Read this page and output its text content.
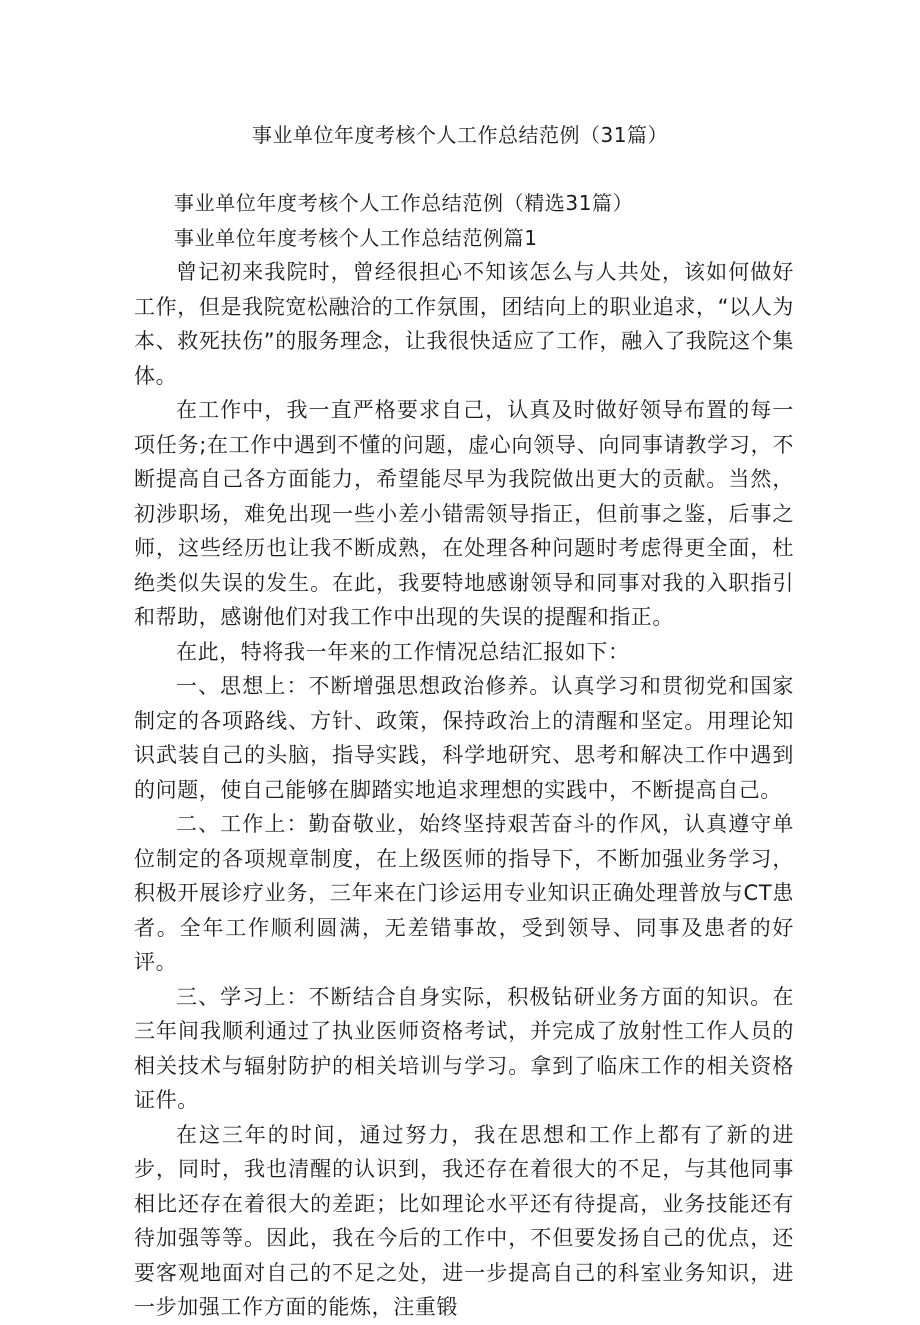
事业单位年度考核个人工作总结范例（31篇）

事业单位年度考核个人工作总结范例（精选31篇）

事业单位年度考核个人工作总结范例篇1

曾记初来我院时，曾经很担心不知该怎么与人共处，该如何做好工作，但是我院宽松融洽的工作氛围，团结向上的职业追求，“以人为本、救死扶伤”的服务理念，让我很快适应了工作，融入了我院这个集体。

在工作中，我一直严格要求自己，认真及时做好领导布置的每一项任务;在工作中遇到不懂的问题，虚心向领导、向同事请教学习，不断提高自己各方面能力，希望能尽早为我院做出更大的贡献。当然，初涉职场，难免出现一些小差小错需领导指正，但前事之鉴，后事之师，这些经历也让我不断成熟，在处理各种问题时考虑得更全面，杜绝类似失误的发生。在此，我要特地感谢领导和同事对我的入职指引和帮助，感谢他们对我工作中出现的失误的提醒和指正。

在此，特将我一年来的工作情况总结汇报如下：

一、思想上：不断增强思想政治修养。认真学习和贯彻党和国家制定的各项路线、方针、政策，保持政治上的清醒和坚定。用理论知识武装自己的头脑，指导实践，科学地研究、思考和解决工作中遇到的问题，使自己能够在脚踏实地追求理想的实践中，不断提高自己。

二、工作上：勤奋敬业，始终坚持艰苦奋斗的作风，认真遵守单位制定的各项规章制度，在上级医师的指导下，不断加强业务学习，积极开展诊疗业务，三年来在门诊运用专业知识正确处理普放与CT患者。全年工作顺利圆满，无差错事故，受到领导、同事及患者的好评。

三、学习上：不断结合自身实际，积极钻研业务方面的知识。在三年间我顺利通过了执业医师资格考试，并完成了放射性工作人员的相关技术与辐射防护的相关培训与学习。拿到了临床工作的相关资格证件。

在这三年的时间，通过努力，我在思想和工作上都有了新的进步，同时，我也清醒的认识到，我还存在着很大的不足，与其他同事相比还存在着很大的差距；比如理论水平还有待提高，业务技能还有待加强等等。因此，我在今后的工作中，不但要发扬自己的优点，还要客观地面对自己的不足之处，进一步提高自己的科室业务知识，进一步加强工作方面的能炼，注重锻
